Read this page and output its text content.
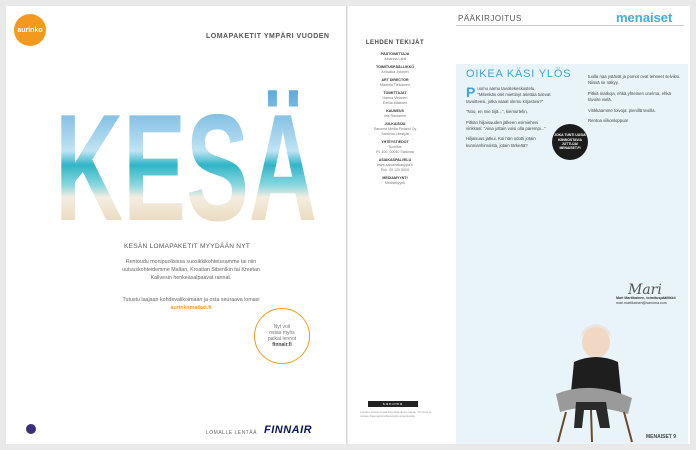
aurinko
LOMAPAKETIT YMPÄRI VUODEN
KESÄN LOMAPAKETIT MYYDÄÄN NYT
Rentoudu monipuolisissa suosikkikohteissamme tai niin uutuuskohteidemme Maltan, Kroatian Sibenikin tai Kreetan Kallvesin henkeäsalpaavat rannat.
Tutustu laajaan kohdevalikoimaan ja osta seuraava lomasi aurinkomatkat.fi
Nyt voit
ostaa myös
paikat lennot
finnair.fi
LOMALLE LENTÄÄ FINNAIR
LEHDEN TEKIJÄT
PÄÄTOIMITTAJA
Johanna Lahti
TOIMITUSPÄÄLLIKKÖ
Annukka Jokinen
ART DIRECTOR
Maarika Tiirikainen
TOIMITTAJAT
Hanna Virtanen
Emilia Mäkinen
KAUNEUS
Iiris Rantanen
JULKAISIJA
Sanoma Media Finland Oy
Sanoma Lifestyle
YHTEYSTIEDOT
Toimitus
PL 100, 00040 Sanoma
ASIAKASPALVELU
www.sanomakauppa.fi
Puh. 09 120 5000
MEDIAMYYNTI
Mediamyynti
sanoma
Lehden sivuja ei saa kopioida ilman lupaa. Toimitus ei vastaa tilaamatta lähetetyistä aineistoista.
PÄÄKIRJOITUS	menaiset
OIKEA KÄSI YLÖS

Puomo aamu tavoitekeskustelu. "Mitenkäs olet miettinyt asettaa tulevat tavoitteesi, jotka vaaat olemu kirjastosi?"

"Noo, en mie tiijä...", kiemurtelin.

Pitkän hiljaisuuden jälkeen esimieheni vinkkasi: "Aina jottain voisi olla parempi..."

Hiljaisuus jatkui. Kai hän odotti jotain kunnianhimoista, jotain tärkeää?

tuolla naa ystävät ja pomot ovat tehneet selviksi. Niissä se näkyy.

Pitkiä matkoja, ehkä yhteinen unelma, ehkä tavoite vielä.

Vinkkaamme toivoja: pienillä teoilla.

Rentoa viikonloppua!

JOKA TUNTI UUSIA
KIINNOSTAVIA
JUTTUJA!
MENAISET.FI
Mari
Mari Martikainen, toimituspäällikkö
mari.martikainen@sanoma.com
MENAISET 9
